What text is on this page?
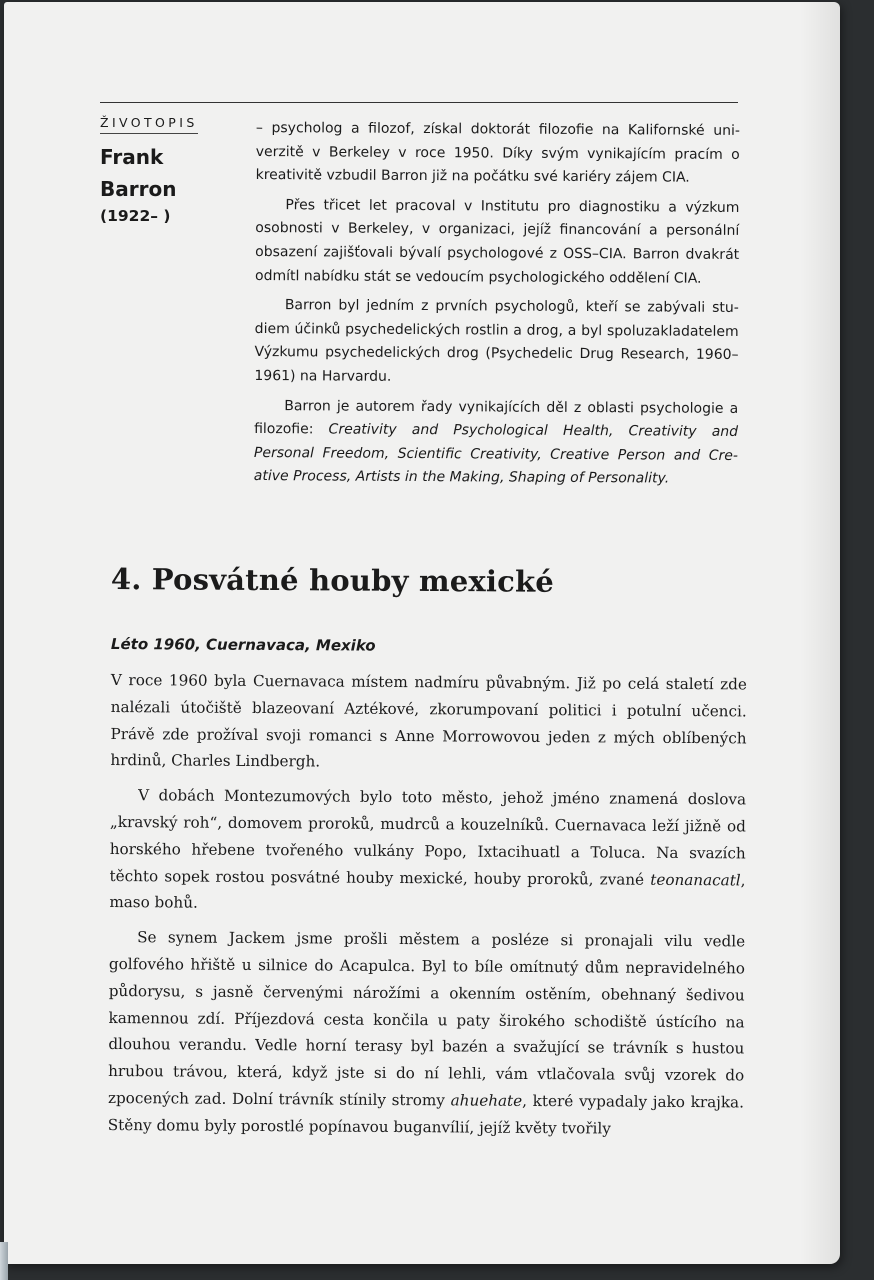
ŽIVOTOPIS
Frank
Barron
(1922– )

– psycholog a filozof, získal doktorát filozofie na Kalifornské univerzitě v Berkeley v roce 1950. Díky svým vynikajícím pracím o kreativitě vzbudil Barron již na počátku své kariéry zájem CIA.

Přes třicet let pracoval v Institutu pro diagnostiku a výzkum osobnosti v Berkeley, v organizaci, jejíž financování a personální obsazení zajišťovali bývalí psychologové z OSS–CIA. Barron dvakrát odmítl nabídku stát se vedoucím psychologického oddělení CIA.

Barron byl jedním z prvních psychologů, kteří se zabývali studiem účinků psychedelických rostlin a drog, a byl spoluzakladatelem Výzkumu psychedelických drog (Psychedelic Drug Research, 1960–1961) na Harvardu.

Barron je autorem řady vynikajících děl z oblasti psychologie a filozofie: Creativity and Psychological Health, Creativity and Personal Freedom, Scientific Creativity, Creative Person and Creative Process, Artists in the Making, Shaping of Personality.

4. Posvátné houby mexické
Léto 1960, Cuernavaca, Mexiko

V roce 1960 byla Cuernavaca místem nadmíru půvabným. Již po celá staletí zde nalézali útočiště blazeovaní Aztékové, zkorumpovaní politici i potulní učenci. Právě zde prožíval svoji romanci s Anne Morrowovou jeden z mých oblíbených hrdinů, Charles Lindbergh.

V dobách Montezumových bylo toto město, jehož jméno znamená doslova „kravský roh“, domovem proroků, mudrců a kouzelníků. Cuernavaca leží jižně od horského hřebene tvořeného vulkány Popo, Ixtacihuatl a Toluca. Na svazích těchto sopek rostou posvátné houby mexické, houby proroků, zvané teonanacatl, maso bohů.

Se synem Jackem jsme prošli městem a posléze si pronajali vilu vedle golfového hřiště u silnice do Acapulca. Byl to bíle omítnutý dům nepravidelného půdorysu, s jasně červenými nárožími a okenním ostěním, obehnaný šedivou kamennou zdí. Příjezdová cesta končila u paty širokého schodiště ústícího na dlouhou verandu. Vedle horní terasy byl bazén a svažující se trávník s hustou hrubou trávou, která, když jste si do ní lehli, vám vtlačovala svůj vzorek do zpocených zad. Dolní trávník stínily stromy ahuehate, které vypadaly jako krajka. Stěny domu byly porostlé popínavou buganvílií, jejíž květy tvořily
